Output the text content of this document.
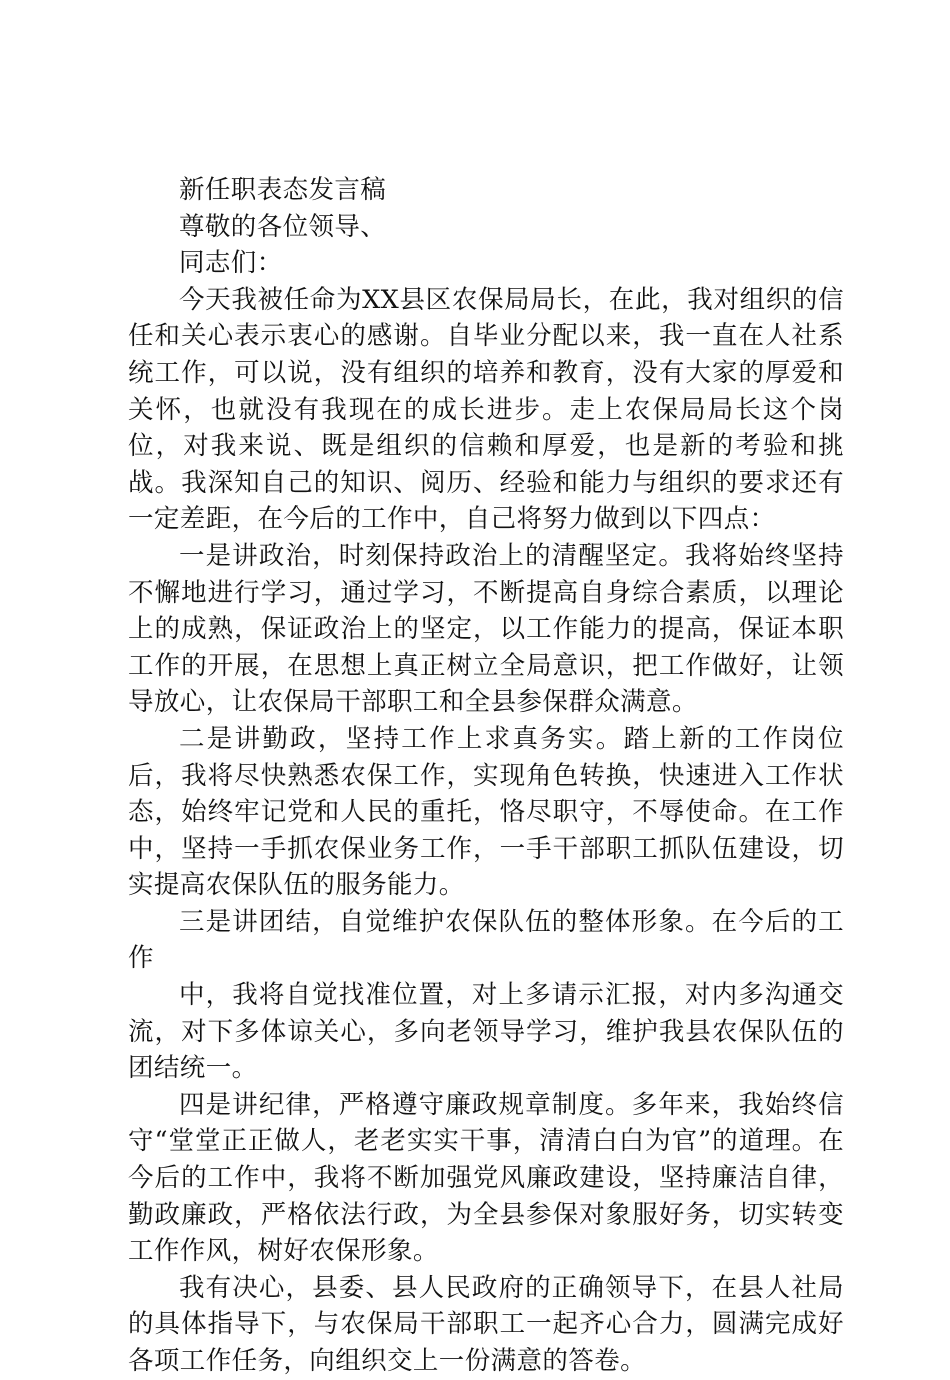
新任职表态发言稿

尊敬的各位领导、

同志们：

今天我被任命为XX县区农保局局长，在此，我对组织的信任和关心表示衷心的感谢。自毕业分配以来，我一直在人社系统工作，可以说，没有组织的培养和教育，没有大家的厚爱和关怀，也就没有我现在的成长进步。走上农保局局长这个岗位，对我来说、既是组织的信赖和厚爱，也是新的考验和挑战。我深知自己的知识、阅历、经验和能力与组织的要求还有一定差距，在今后的工作中，自己将努力做到以下四点：

一是讲政治，时刻保持政治上的清醒坚定。我将始终坚持不懈地进行学习，通过学习，不断提高自身综合素质，以理论上的成熟，保证政治上的坚定，以工作能力的提高，保证本职工作的开展，在思想上真正树立全局意识，把工作做好，让领导放心，让农保局干部职工和全县参保群众满意。

二是讲勤政，坚持工作上求真务实。踏上新的工作岗位后，我将尽快熟悉农保工作，实现角色转换，快速进入工作状态，始终牢记党和人民的重托，恪尽职守，不辱使命。在工作中，坚持一手抓农保业务工作，一手干部职工抓队伍建设，切实提高农保队伍的服务能力。

三是讲团结，自觉维护农保队伍的整体形象。在今后的工作

中，我将自觉找准位置，对上多请示汇报，对内多沟通交流，对下多体谅关心，多向老领导学习，维护我县农保队伍的团结统一。

四是讲纪律，严格遵守廉政规章制度。多年来，我始终信守“堂堂正正做人，老老实实干事，清清白白为官”的道理。在今后的工作中，我将不断加强党风廉政建设，坚持廉洁自律，勤政廉政，严格依法行政，为全县参保对象服好务，切实转变工作作风，树好农保形象。

我有决心，县委、县人民政府的正确领导下，在县人社局的具体指导下，与农保局干部职工一起齐心合力，圆满完成好各项工作任务，向组织交上一份满意的答卷。
